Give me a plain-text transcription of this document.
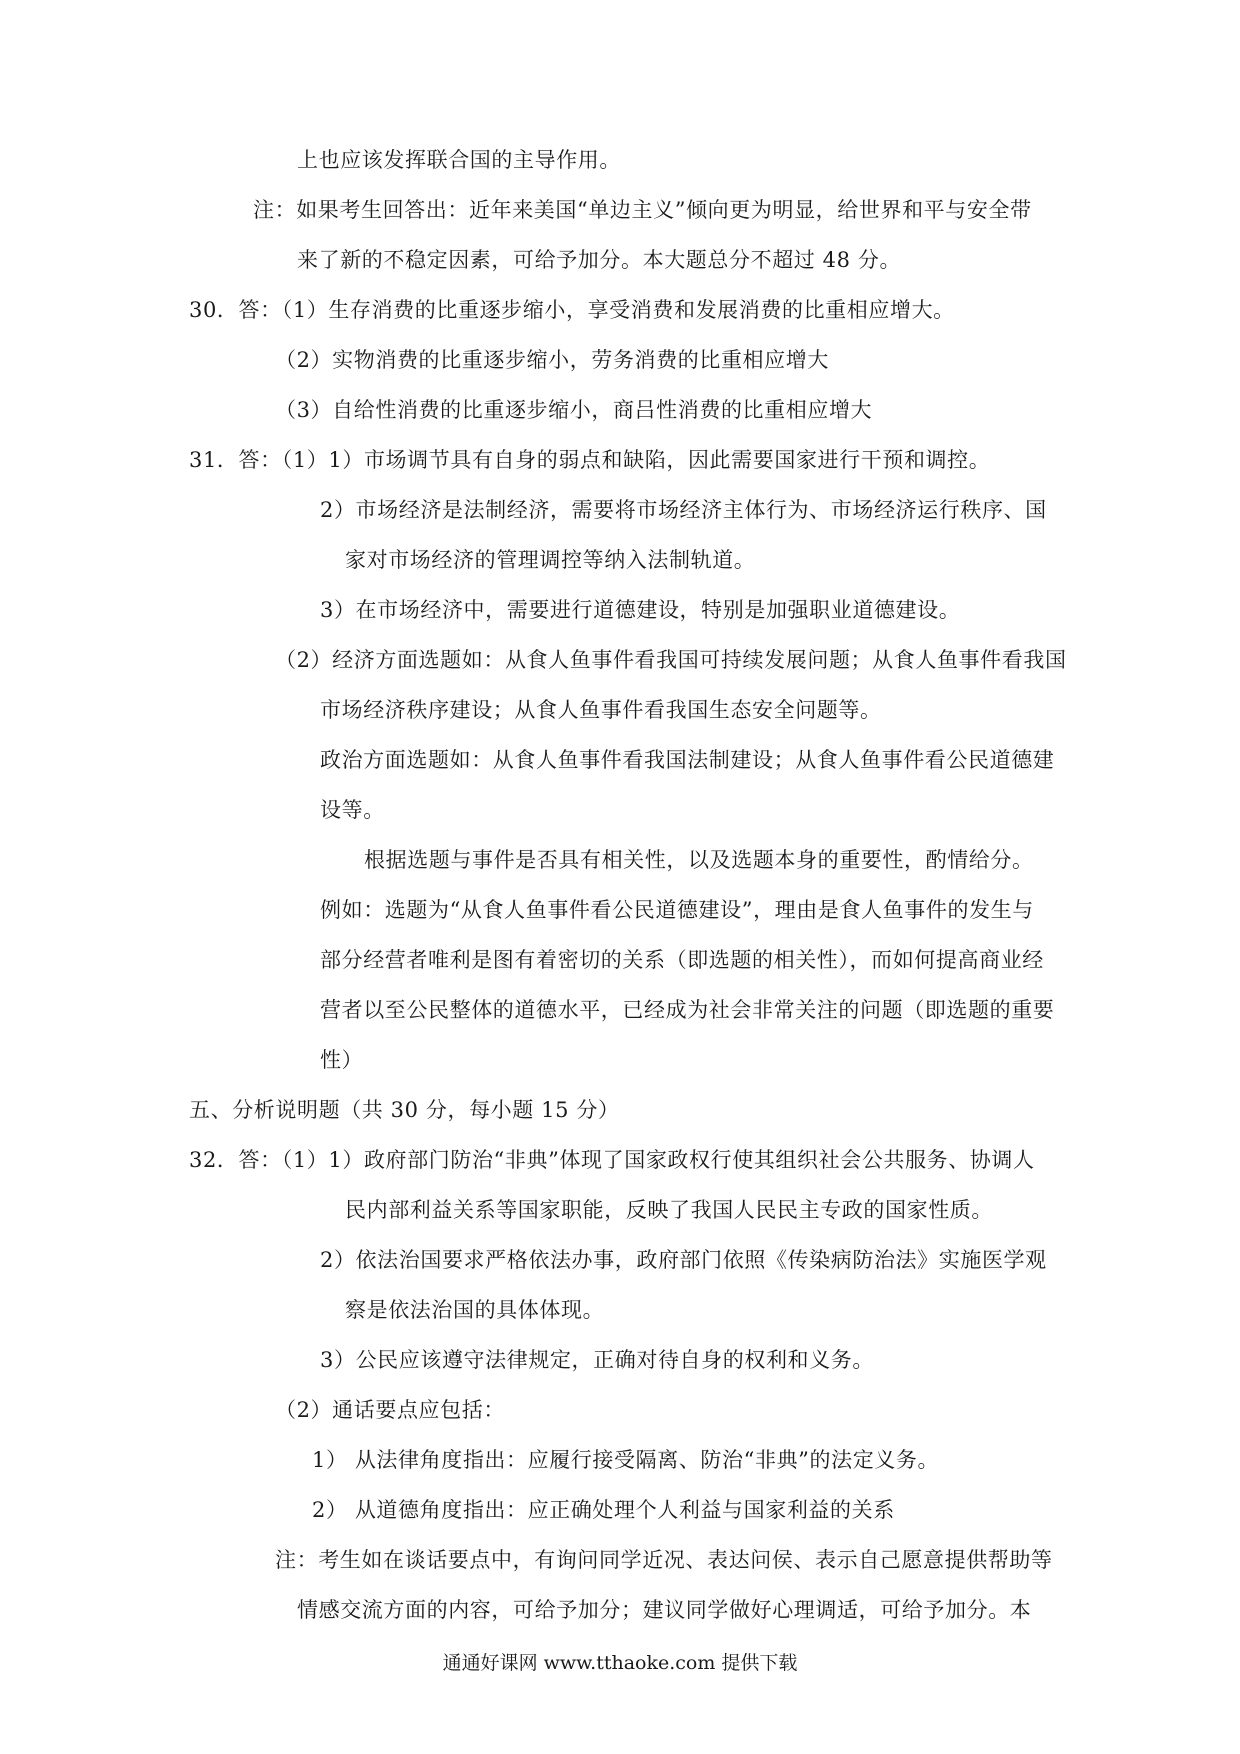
上也应该发挥联合国的主导作用。
注：如果考生回答出：近年来美国“单边主义”倾向更为明显，给世界和平与安全带
来了新的不稳定因素，可给予加分。本大题总分不超过 48 分。
30．答：（1）生存消费的比重逐步缩小，享受消费和发展消费的比重相应增大。
（2）实物消费的比重逐步缩小，劳务消费的比重相应增大
（3）自给性消费的比重逐步缩小，商吕性消费的比重相应增大
31．答：（1）1）市场调节具有自身的弱点和缺陷，因此需要国家进行干预和调控。
2）市场经济是法制经济，需要将市场经济主体行为、市场经济运行秩序、国
家对市场经济的管理调控等纳入法制轨道。
3）在市场经济中，需要进行道德建设，特别是加强职业道德建设。
（2）经济方面选题如：从食人鱼事件看我国可持续发展问题；从食人鱼事件看我国
市场经济秩序建设；从食人鱼事件看我国生态安全问题等。
政治方面选题如：从食人鱼事件看我国法制建设；从食人鱼事件看公民道德建
设等。
根据选题与事件是否具有相关性，以及选题本身的重要性，酌情给分。
例如：选题为“从食人鱼事件看公民道德建设”，理由是食人鱼事件的发生与
部分经营者唯利是图有着密切的关系（即选题的相关性），而如何提高商业经
营者以至公民整体的道德水平，已经成为社会非常关注的问题（即选题的重要
性）
五、分析说明题（共 30 分，每小题 15 分）
32．答：（1）1）政府部门防治“非典”体现了国家政权行使其组织社会公共服务、协调人
民内部利益关系等国家职能，反映了我国人民民主专政的国家性质。
2）依法治国要求严格依法办事，政府部门依照《传染病防治法》实施医学观
察是依法治国的具体体现。
3）公民应该遵守法律规定，正确对待自身的权利和义务。
（2）通话要点应包括：
1） 从法律角度指出：应履行接受隔离、防治“非典”的法定义务。
2） 从道德角度指出：应正确处理个人利益与国家利益的关系
注：考生如在谈话要点中，有询问同学近况、表达问侯、表示自己愿意提供帮助等
情感交流方面的内容，可给予加分；建议同学做好心理调适，可给予加分。本
通通好课网 www.tthaoke.com 提供下载
